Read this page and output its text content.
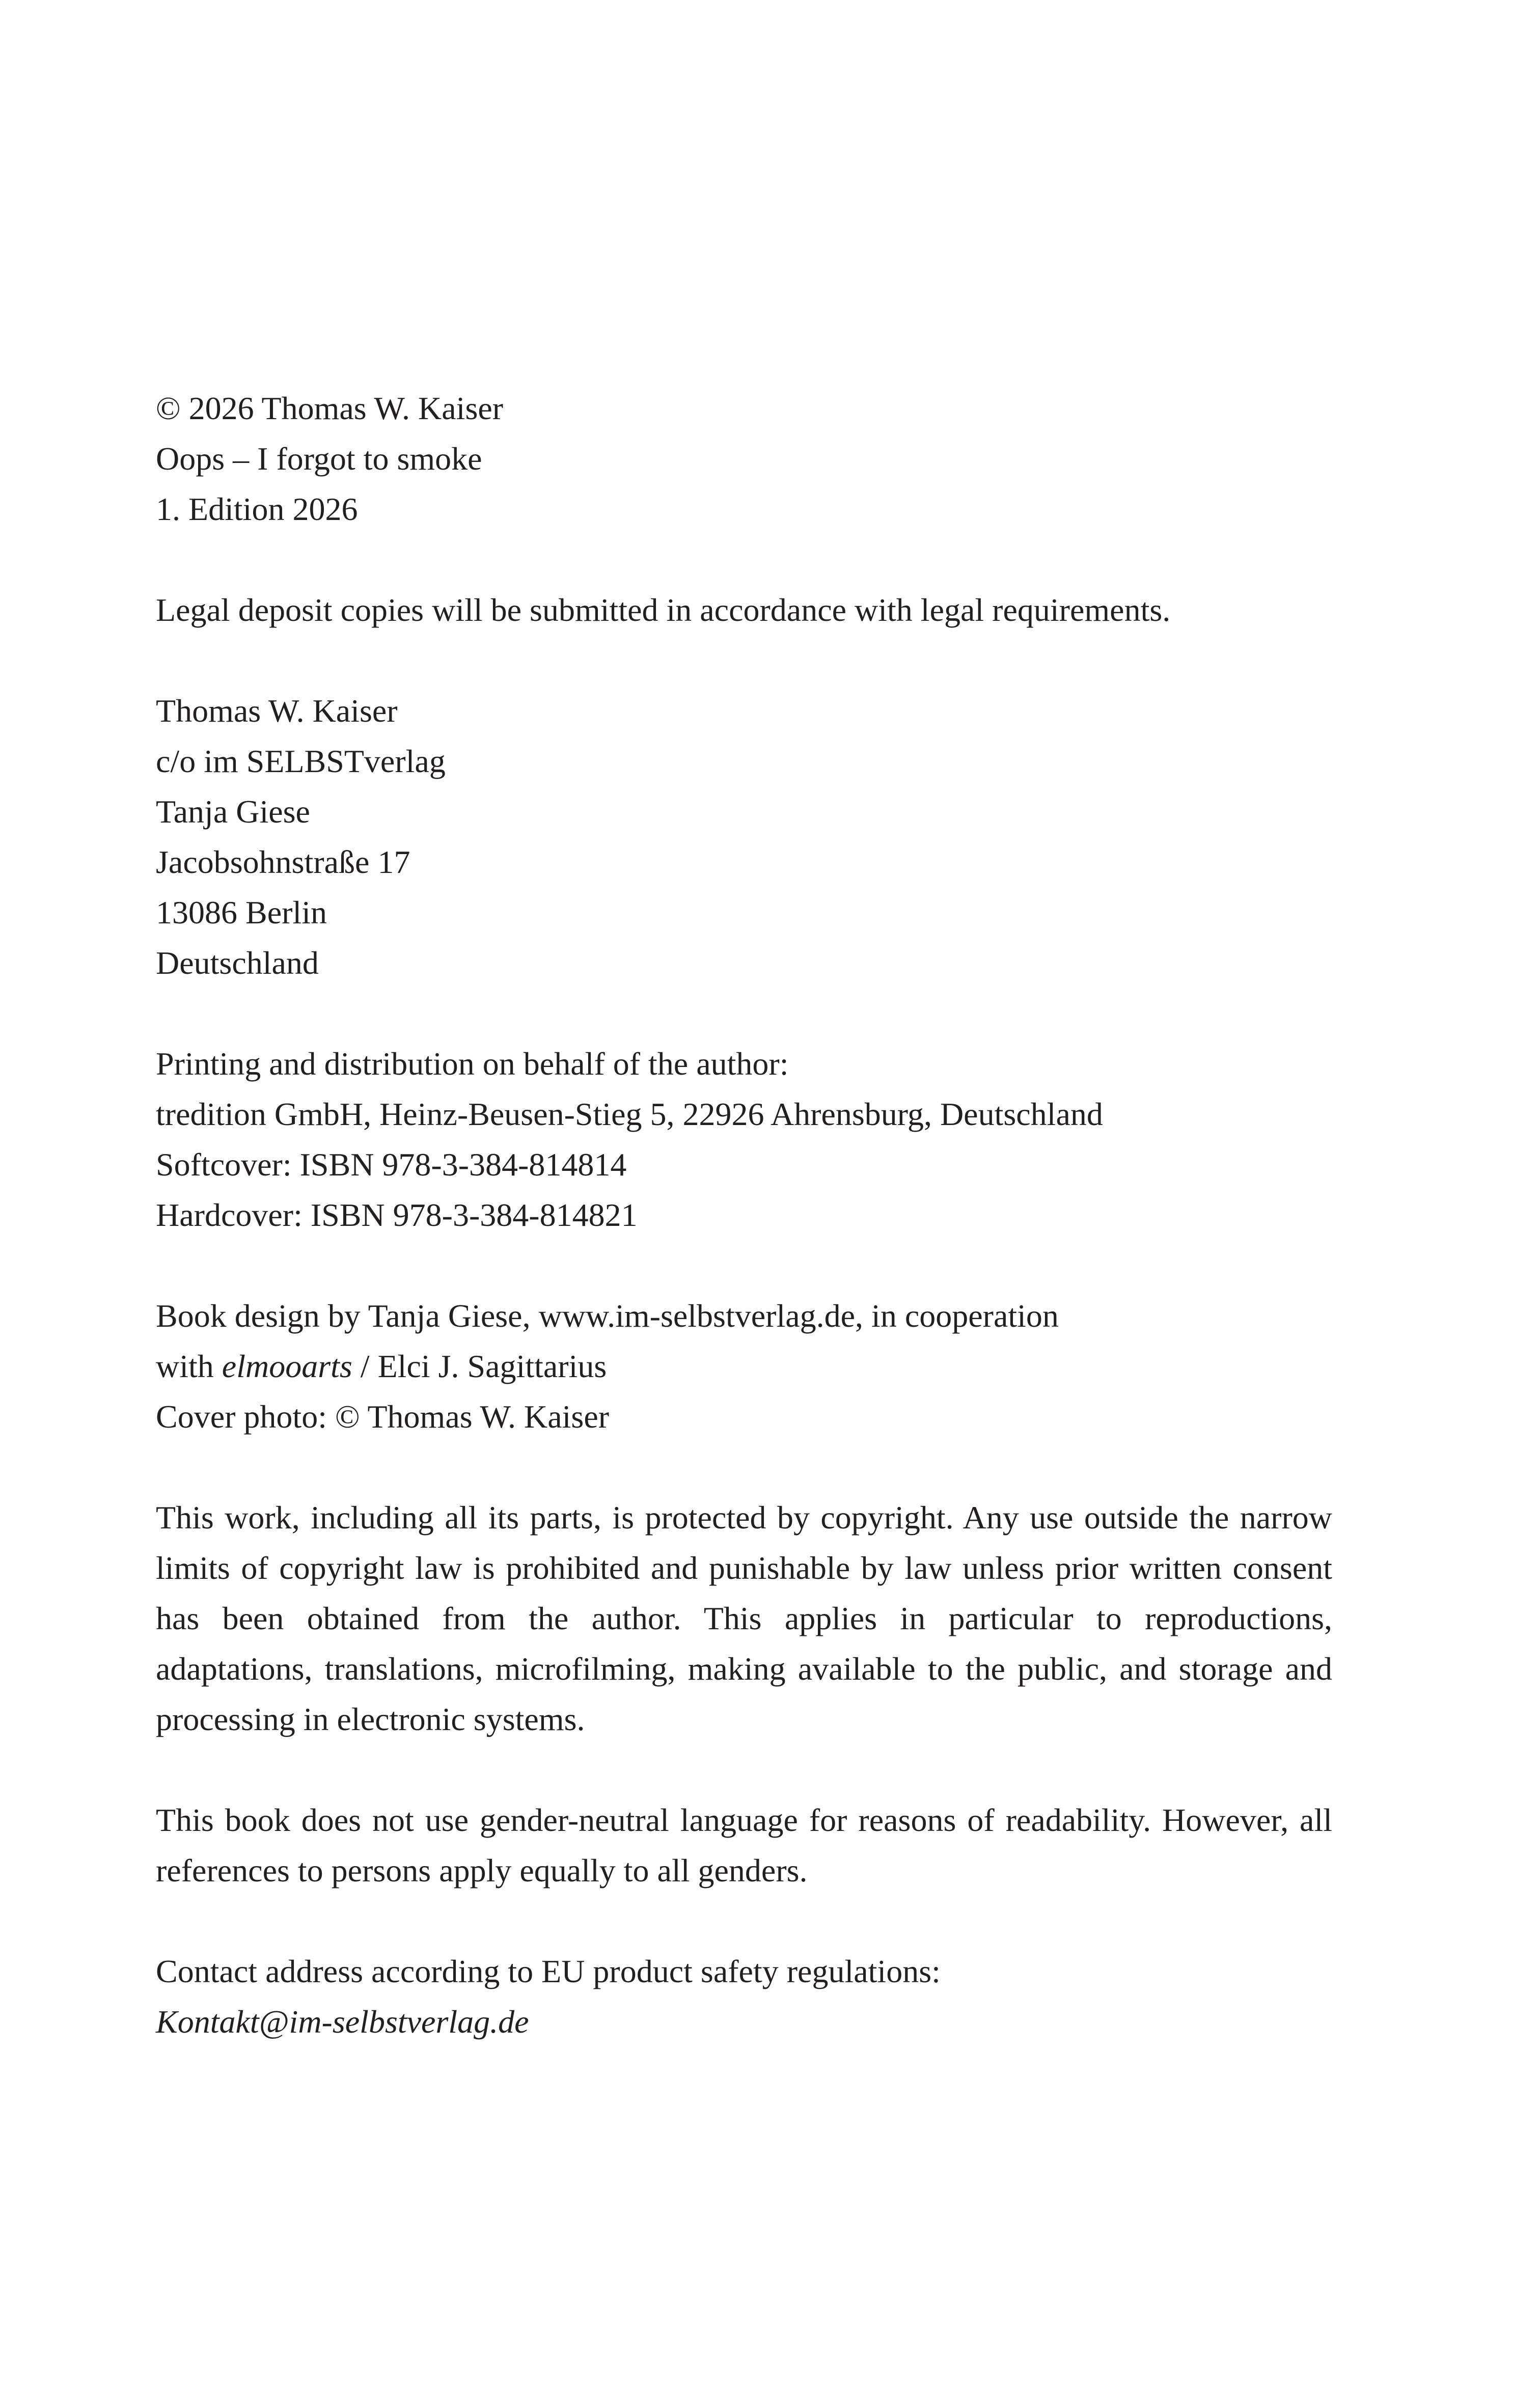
© 2026 Thomas W. Kaiser
Oops – I forgot to smoke
1. Edition 2026
Legal deposit copies will be submitted in accordance with legal requirements.
Thomas W. Kaiser
c/o im SELBSTverlag
Tanja Giese
Jacobsohnstraße 17
13086 Berlin
Deutschland
Printing and distribution on behalf of the author:
tredition GmbH, Heinz-Beusen-Stieg 5, 22926 Ahrensburg, Deutschland
Softcover: ISBN 978-3-384-814814
Hardcover: ISBN 978-3-384-814821
Book design by Tanja Giese, www.im-selbstverlag.de, in cooperation
with elmooarts / Elci J. Sagittarius
Cover photo: © Thomas W. Kaiser
This work, including all its parts, is protected by copyright. Any use outside the narrow limits of copyright law is prohibited and punishable by law unless prior written consent has been obtained from the author. This applies in particular to reproductions, adaptations, translations, microfilming, making available to the public, and storage and processing in electronic systems.
This book does not use gender-neutral language for reasons of readability. However, all references to persons apply equally to all genders.
Contact address according to EU product safety regulations:
Kontakt@im-selbstverlag.de
